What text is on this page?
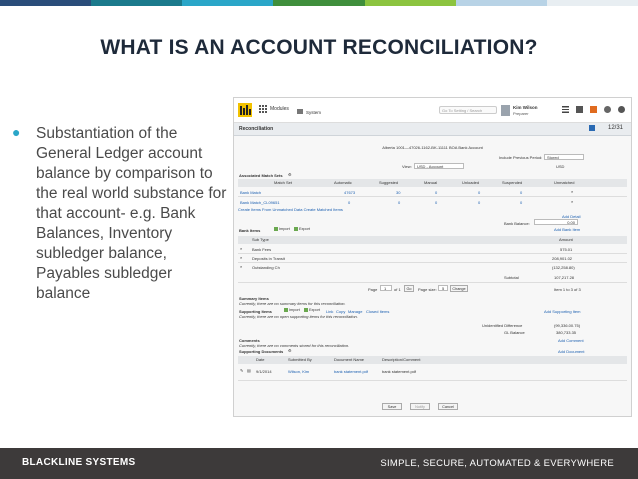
WHAT IS AN ACCOUNT RECONCILIATION?
● Substantiation of the General Ledger account balance by comparison to the real world substance for that account- e.g. Bank Balances, Inventory subledger balance, Payables subledger balance
Modules
System	Go To Setting / Search
Kim Wilson
Preparer
Reconciliation	12/31
Alberta 1001—47026-1162-BK-11111 BOA Bank Account
Include Previous Period: Stored
View: USD - Account	USD
Associated Match Sets ⚙
Match Set	Automatic	Suggested	Manual	Unloaded	Suspended	Unmatched
Bank Match	47673	30	0	0	0	⌕
Bank Match_CL09651	0	0	0	0	0	⌕
Create Items From Unmatched Data Create Matched Items
Add Detail
Bank Balance:	0.00
Add Bank Item
Bank Items	Import	Export
Sub Type	Amount
⌕ Bank Fees	575.01
⌕ Deposits in Transit	208,901.02
⌕ Outstanding Ch	(132,258.80)
Subtotal	107,217.28
Page 1 of 1	Go	Page size: 5	Change	Item 1 to 3 of 3
Summary Items
Currently, there are no summary items for this reconciliation.
Supporting Items	Import	Export Link Copy Manage Closed Items	Add Supporting Item
Currently, there are no open supporting items for this reconciliation.
Unidentified Difference	(99,336.00.75)
GL Balance	380,733.35
Add Comment
Comments
Currently, there are no comments stored for this reconciliation.
Add Document
Supporting Documents ⚙
Date	Submitted By	Document Name	Description/Comment
✎ ▤ 9/1/2014	Wilson, Kim	bank statement.pdf	bank statement.pdf
Save	Notify	Cancel
BLACKLINE SYSTEMS	SIMPLE, SECURE, AUTOMATED & EVERYWHERE
